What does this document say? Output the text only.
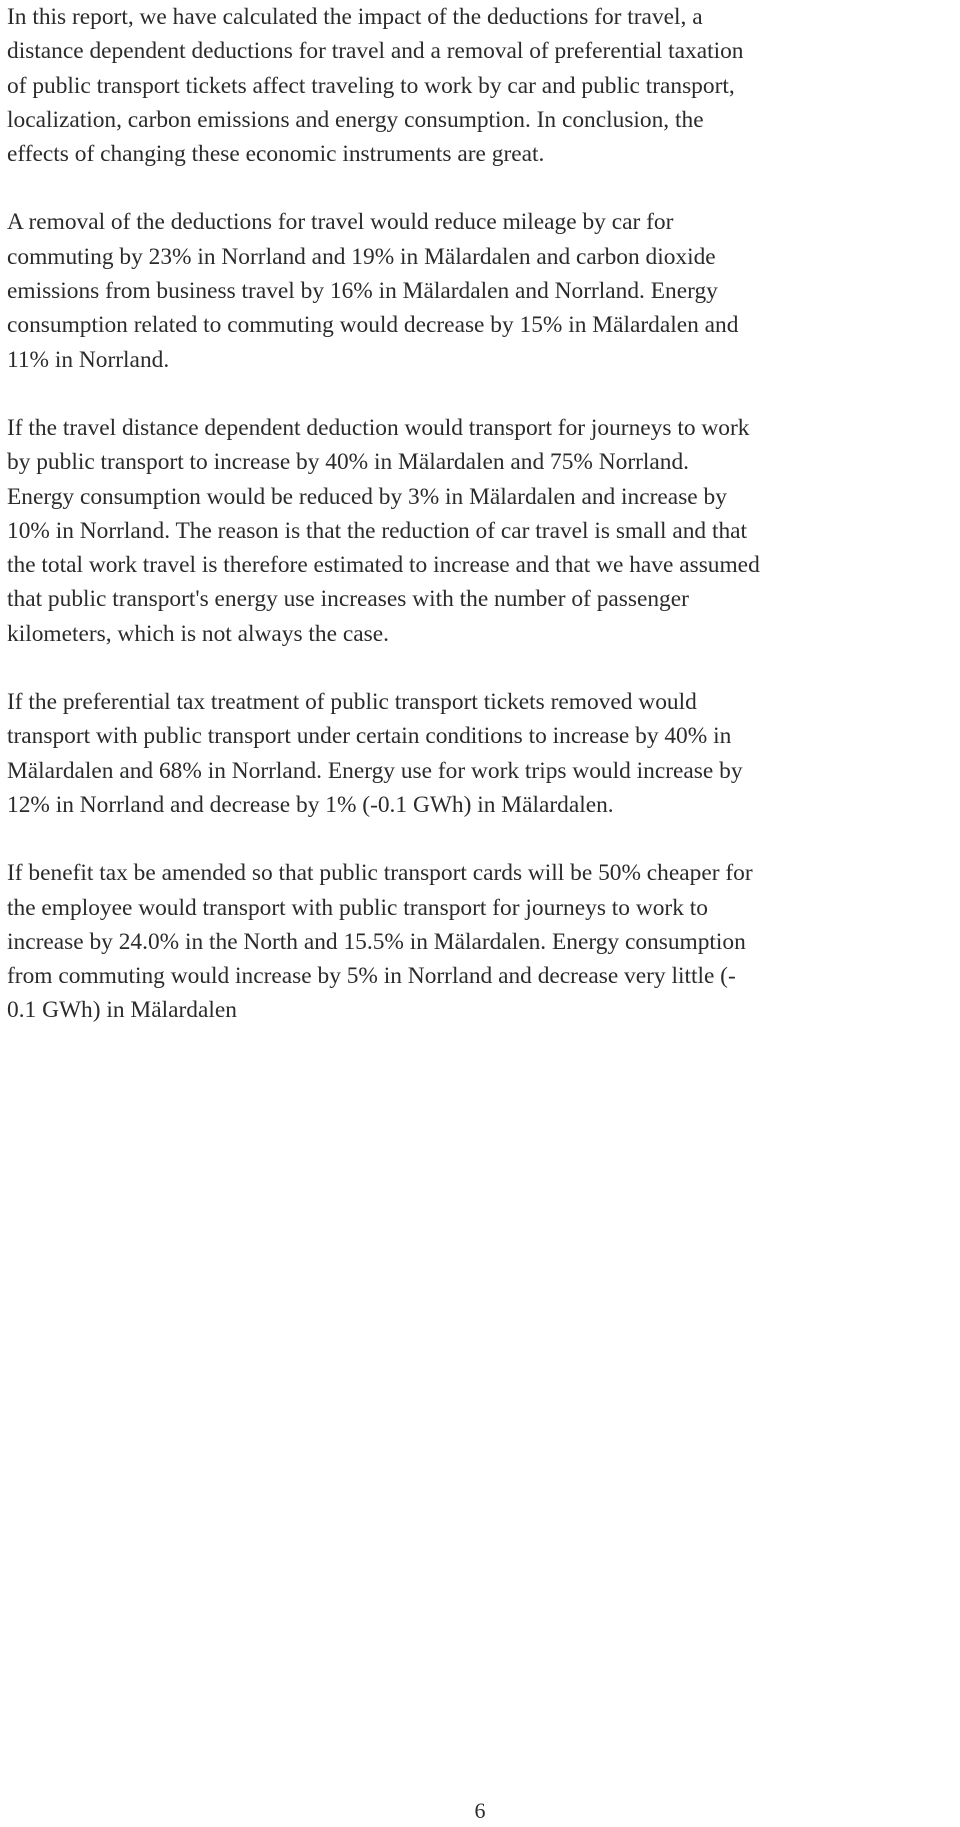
In this report, we have calculated the impact of the deductions for travel, a
distance dependent deductions for travel and a removal of preferential taxation
of public transport tickets affect traveling to work by car and public transport,
localization, carbon emissions and energy consumption. In conclusion, the
effects of changing these economic instruments are great.

A removal of the deductions for travel would reduce mileage by car for
commuting by 23% in Norrland and 19% in Mälardalen and carbon dioxide
emissions from business travel by 16% in Mälardalen and Norrland. Energy
consumption related to commuting would decrease by 15% in Mälardalen and
11% in Norrland.

If the travel distance dependent deduction would transport for journeys to work
by public transport to increase by 40% in Mälardalen and 75% Norrland.
Energy consumption would be reduced by 3% in Mälardalen and increase by
10% in Norrland. The reason is that the reduction of car travel is small and that
the total work travel is therefore estimated to increase and that we have assumed
that public transport's energy use increases with the number of passenger
kilometers, which is not always the case.

If the preferential tax treatment of public transport tickets removed would
transport with public transport under certain conditions to increase by 40% in
Mälardalen and 68% in Norrland. Energy use for work trips would increase by
12% in Norrland and decrease by 1% (-0.1 GWh) in Mälardalen.

If benefit tax be amended so that public transport cards will be 50% cheaper for
the employee would transport with public transport for journeys to work to
increase by 24.0% in the North and 15.5% in Mälardalen. Energy consumption
from commuting would increase by 5% in Norrland and decrease very little (-
0.1 GWh) in Mälardalen

6
